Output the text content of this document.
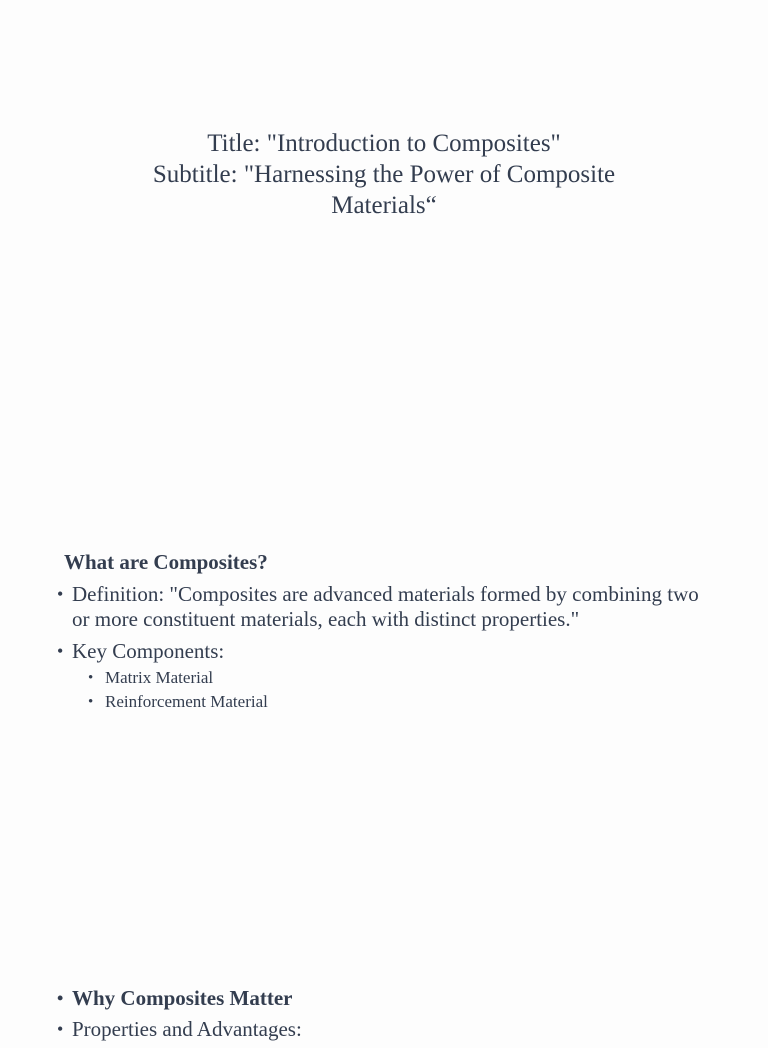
Title: "Introduction to Composites"
Subtitle: "Harnessing the Power of Composite Materials“
What are Composites?
• Definition: "Composites are advanced materials formed by combining two or more constituent materials, each with distinct properties."
• Key Components:
• Matrix Material
• Reinforcement Material
• Why Composites Matter
• Properties and Advantages:
